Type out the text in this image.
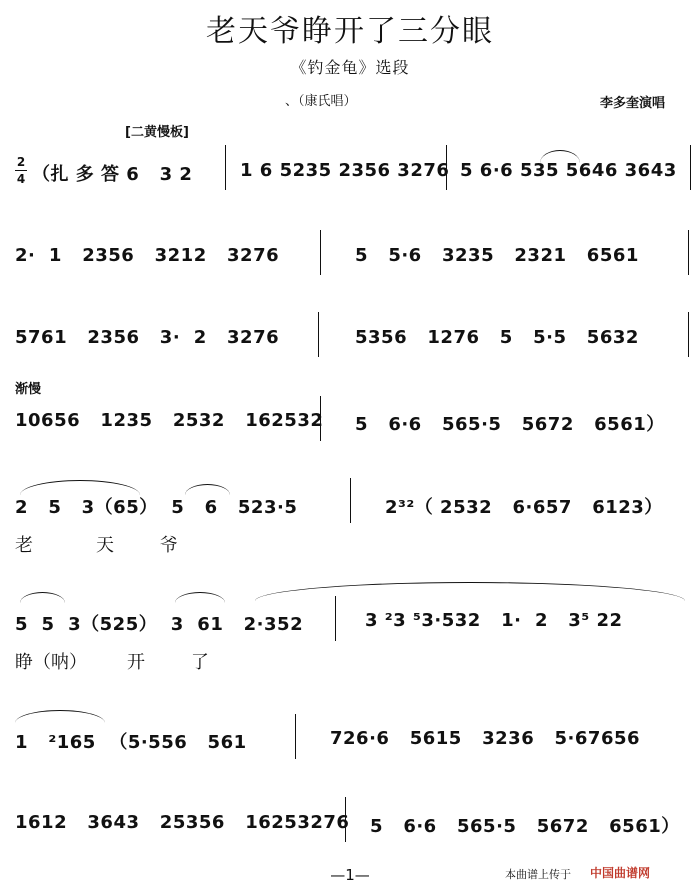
老天爷睁开了三分眼
《钓金龟》选段
、（康氏唱）	李多奎演唱
[二黄慢板]
渐慢
2
4 （扎 多 答 6   3 2	1 6 5235 2356 3276 5 6·6 535 5646 3643
2·  1   2356   3212   3276	5   5·6   3235   2321   6561
5761   2356   3·  2   3276	5356   1276   5   5·5   5632
10656   1235   2532   162532 5   6·6   565·5   5672   6561）
2   5   3（65）  5   6   523·5	2³²（ 2532   6·657   6123）
老           天        爷
5  5  3（525）  3  61   2·352	3 ²3 ⁵3·532   1·  2   3⁵ 22
睁（呐）       开        了
1   ²165  （5·556   561	726·6   5615   3236   5·67656
1612   3643   25356   16253276 5   6·6   565·5   5672   6561）
—1—	本曲谱上传于 中国曲谱网
